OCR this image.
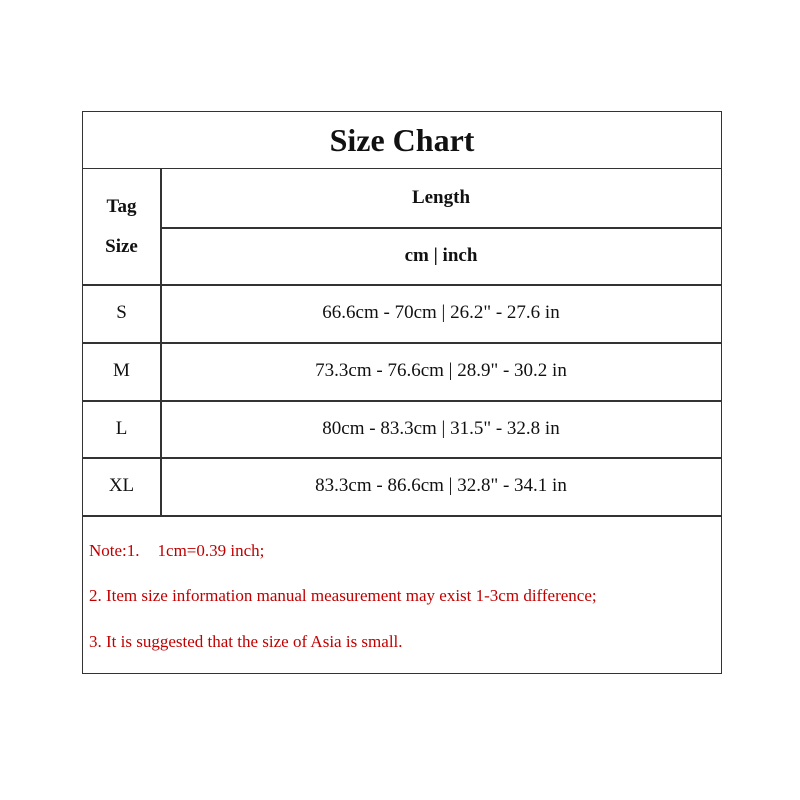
Size Chart
Tag
Size
Length
cm | inch
S	66.6cm - 70cm | 26.2" - 27.6 in
M	73.3cm - 76.6cm | 28.9" - 30.2 in
L	80cm - 83.3cm | 31.5" - 32.8 in
XL	83.3cm - 86.6cm | 32.8" - 34.1 in
Note:1. 1cm=0.39 inch;
2. Item size information manual measurement may exist 1-3cm difference;
3. It is suggested that the size of Asia is small.
